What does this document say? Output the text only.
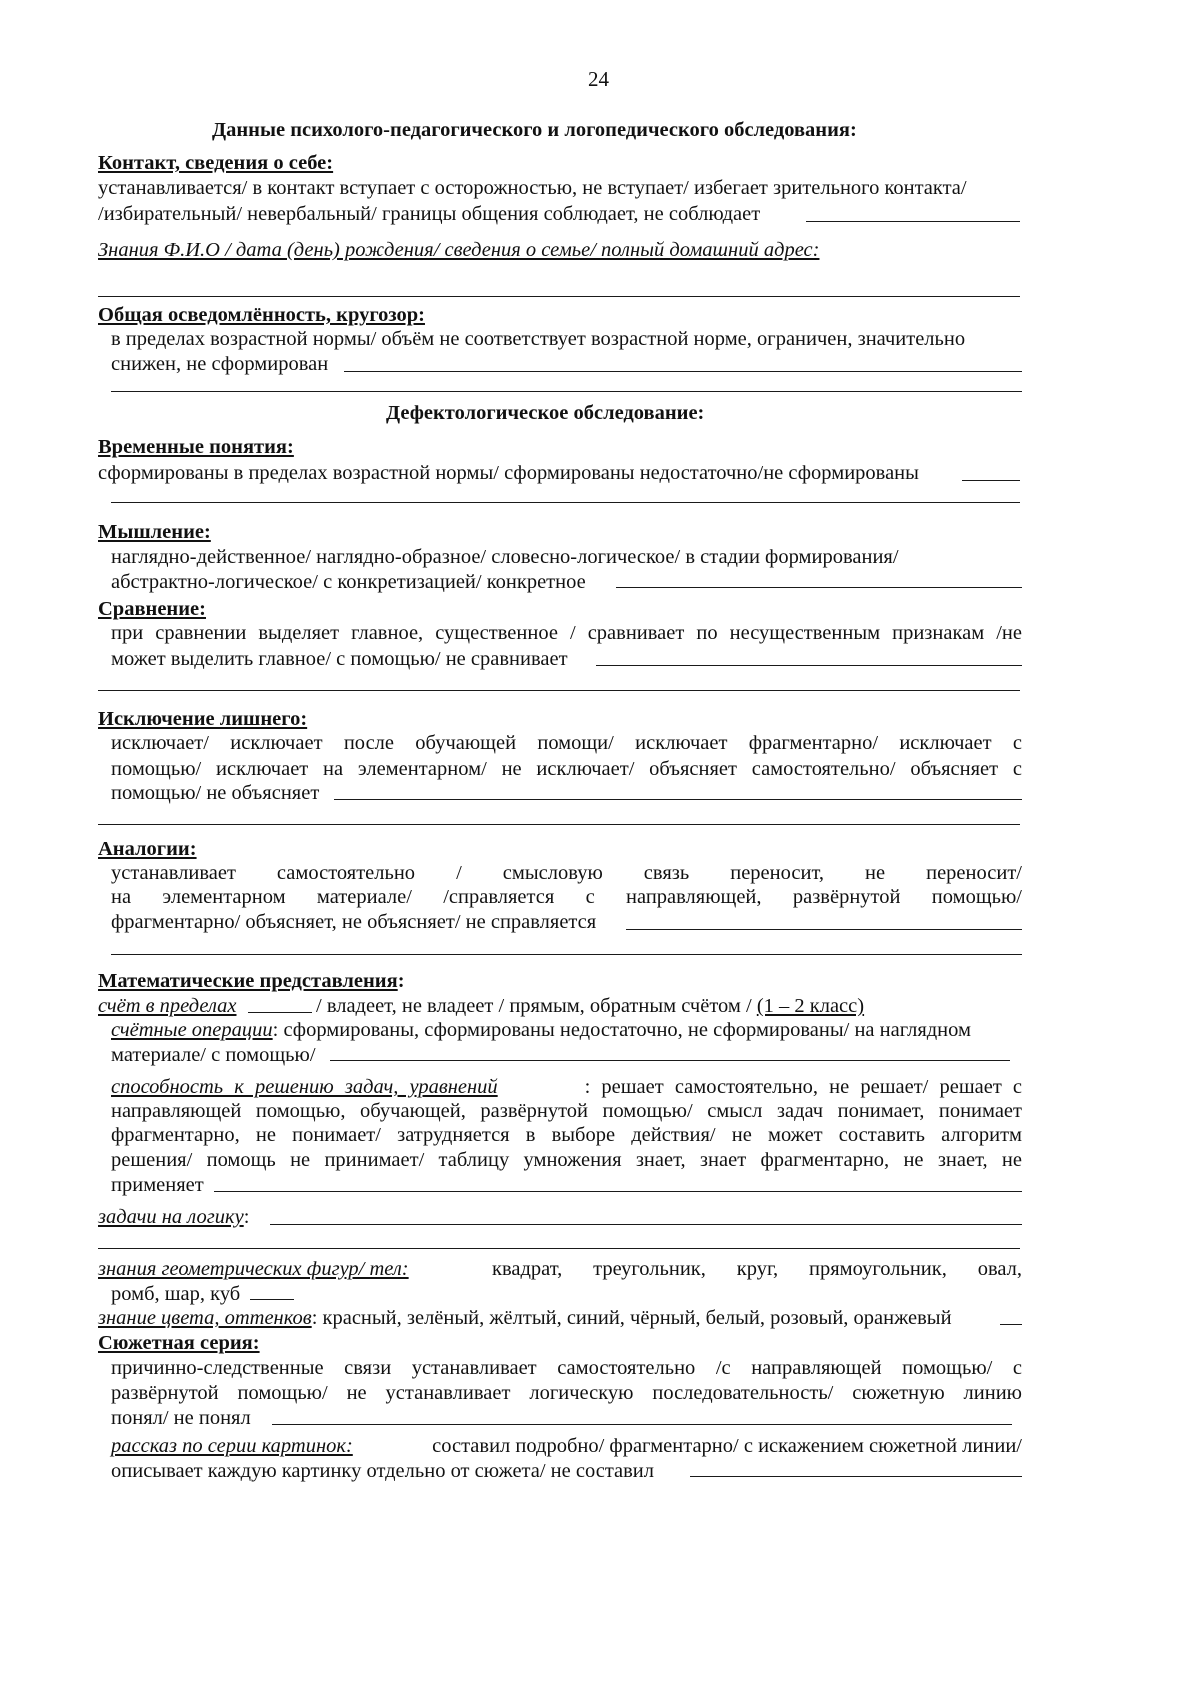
24
Данные психолого-педагогического и логопедического обследования:
Контакт, сведения о себе:
устанавливается/ в контакт вступает с осторожностью, не вступает/ избегает зрительного контакта/
/избирательный/ невербальный/ границы общения соблюдает, не соблюдает
Знания Ф.И.О / дата (день) рождения/ сведения о семье/ полный домашний адрес:
Общая осведомлённость, кругозор:
в пределах возрастной нормы/ объём не соответствует возрастной норме, ограничен, значительно
снижен, не сформирован
Дефектологическое обследование:
Временные понятия:
сформированы в пределах возрастной нормы/ сформированы недостаточно/не сформированы
Мышление:
наглядно-действенное/ наглядно-образное/ словесно-логическое/ в стадии формирования/
абстрактно-логическое/ с конкретизацией/ конкретное
Сравнение:
при сравнении выделяет главное, существенное / сравнивает по несущественным признакам /не
может выделить главное/ с помощью/ не сравнивает
Исключение лишнего:
исключает/ исключает после обучающей помощи/ исключает фрагментарно/ исключает с
помощью/ исключает на элементарном/ не исключает/ объясняет самостоятельно/ объясняет с
помощью/ не объясняет
Аналогии:
устанавливает самостоятельно / смысловую связь переносит, не переносит/
на элементарном материале/ /справляется с направляющей, развёрнутой помощью/
фрагментарно/ объясняет, не объясняет/ не справляется
Математические представления:
счёт в пределах	/ владеет, не владеет / прямым, обратным счётом / (1 – 2 класс)
счётные операции: сформированы, сформированы недостаточно, не сформированы/ на наглядном
материале/ с помощью/
способность к решению задач, уравнений	: решает самостоятельно, не решает/ решает с
направляющей помощью, обучающей, развёрнутой помощью/ смысл задач понимает, понимает
фрагментарно, не понимает/ затрудняется в выборе действия/ не может составить алгоритм
решения/ помощь не принимает/ таблицу умножения знает, знает фрагментарно, не знает, не
применяет
задачи на логику:
знания геометрических фигур/ тел:	квадрат, треугольник, круг, прямоугольник, овал,
ромб, шар, куб
знание цвета, оттенков: красный, зелёный, жёлтый, синий, чёрный, белый, розовый, оранжевый
Сюжетная серия:
причинно-следственные связи устанавливает самостоятельно /с направляющей помощью/ с
развёрнутой помощью/ не устанавливает логическую последовательность/ сюжетную линию
понял/ не понял
рассказ по серии картинок:	составил подробно/ фрагментарно/ с искажением сюжетной линии/
описывает каждую картинку отдельно от сюжета/ не составил
